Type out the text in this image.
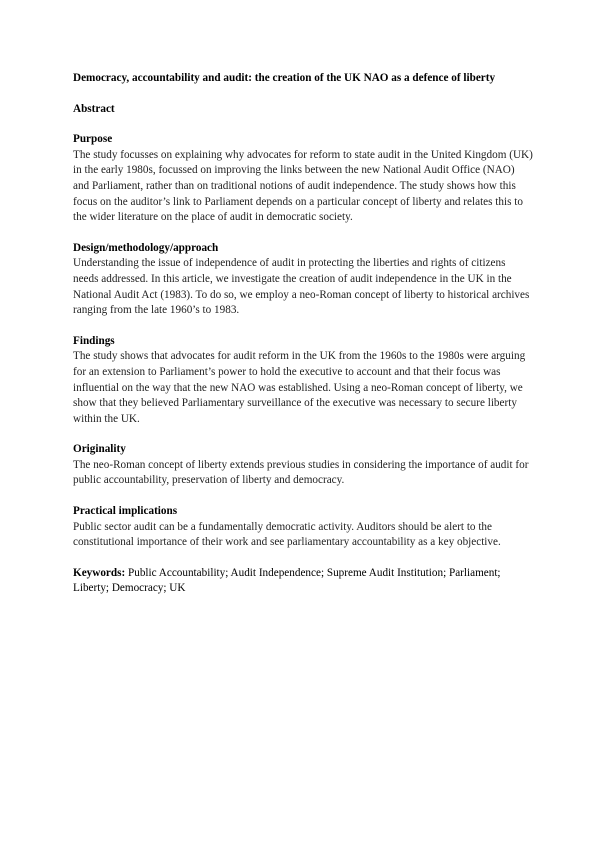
Democracy, accountability and audit: the creation of the UK NAO as a defence of liberty

Abstract

Purpose

The study focusses on explaining why advocates for reform to state audit in the United Kingdom (UK) in the early 1980s, focussed on improving the links between the new National Audit Office (NAO) and Parliament, rather than on traditional notions of audit independence. The study shows how this focus on the auditor’s link to Parliament depends on a particular concept of liberty and relates this to the wider literature on the place of audit in democratic society.

Design/methodology/approach

Understanding the issue of independence of audit in protecting the liberties and rights of citizens needs addressed. In this article, we investigate the creation of audit independence in the UK in the National Audit Act (1983). To do so, we employ a neo-Roman concept of liberty to historical archives ranging from the late 1960’s to 1983.

Findings

The study shows that advocates for audit reform in the UK from the 1960s to the 1980s were arguing for an extension to Parliament’s power to hold the executive to account and that their focus was influential on the way that the new NAO was established. Using a neo-Roman concept of liberty, we show that they believed Parliamentary surveillance of the executive was necessary to secure liberty within the UK.

Originality

The neo-Roman concept of liberty extends previous studies in considering the importance of audit for public accountability, preservation of liberty and democracy.

Practical implications

Public sector audit can be a fundamentally democratic activity. Auditors should be alert to the constitutional importance of their work and see parliamentary accountability as a key objective.

Keywords: Public Accountability; Audit Independence; Supreme Audit Institution; Parliament; Liberty; Democracy; UK
